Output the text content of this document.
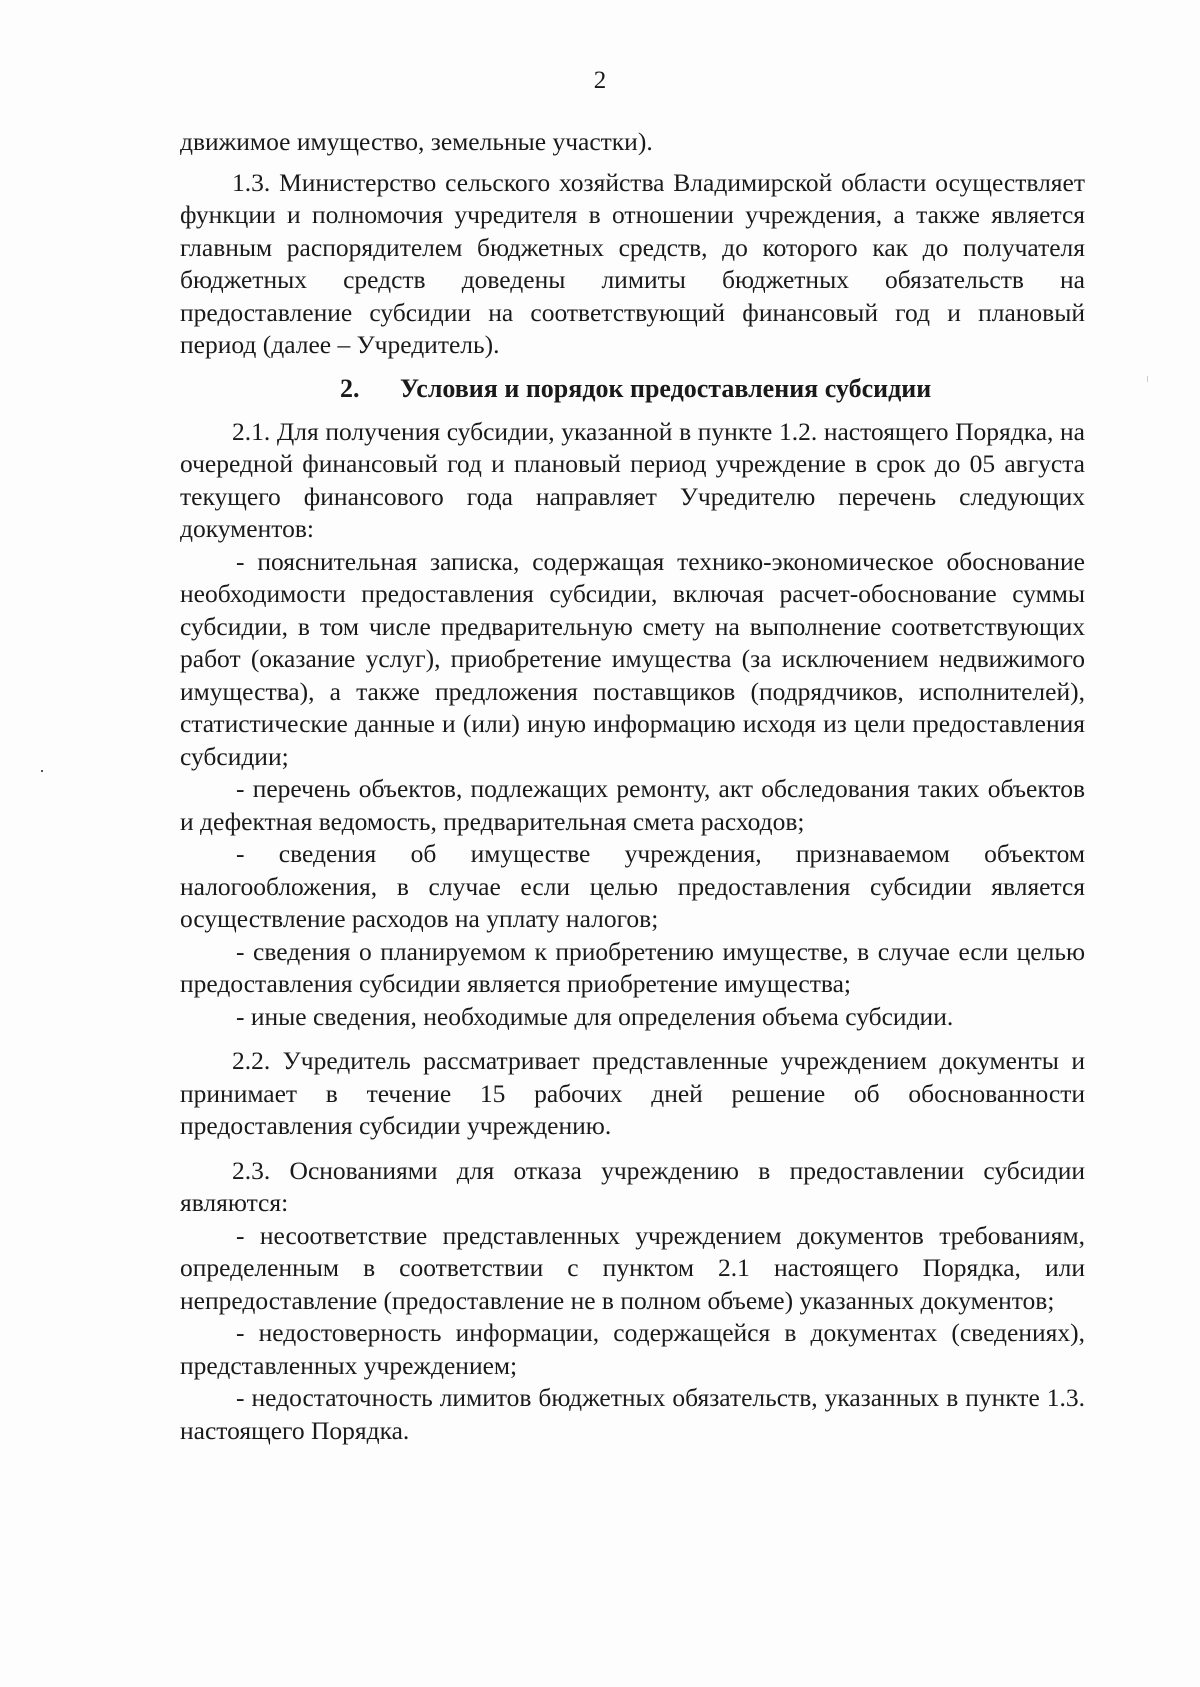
2

движимое имущество, земельные участки).

1.3. Министерство сельского хозяйства Владимирской области осуществляет функции и полномочия учредителя в отношении учреждения, а также является главным распорядителем бюджетных средств, до которого как до получателя бюджетных средств доведены лимиты бюджетных обязательств на предоставление субсидии на соответствующий финансовый год и плановый период (далее – Учредитель).

2. Условия и порядок предоставления субсидии

2.1. Для получения субсидии, указанной в пункте 1.2. настоящего Порядка, на очередной финансовый год и плановый период учреждение в срок до 05 августа текущего финансового года направляет Учредителю перечень следующих документов:

- пояснительная записка, содержащая технико-экономическое обоснование необходимости предоставления субсидии, включая расчет-обоснование суммы субсидии, в том числе предварительную смету на выполнение соответствующих работ (оказание услуг), приобретение имущества (за исключением недвижимого имущества), а также предложения поставщиков (подрядчиков, исполнителей), статистические данные и (или) иную информацию исходя из цели предоставления субсидии;

- перечень объектов, подлежащих ремонту, акт обследования таких объектов и дефектная ведомость, предварительная смета расходов;

- сведения об имуществе учреждения, признаваемом объектом налогообложения, в случае если целью предоставления субсидии является осуществление расходов на уплату налогов;

- сведения о планируемом к приобретению имуществе, в случае если целью предоставления субсидии является приобретение имущества;

- иные сведения, необходимые для определения объема субсидии.

2.2. Учредитель рассматривает представленные учреждением документы и принимает в течение 15 рабочих дней решение об обоснованности предоставления субсидии учреждению.

2.3. Основаниями для отказа учреждению в предоставлении субсидии являются:

- несоответствие представленных учреждением документов требованиям, определенным в соответствии с пунктом 2.1 настоящего Порядка, или непредоставление (предоставление не в полном объеме) указанных документов;

- недостоверность информации, содержащейся в документах (сведениях), представленных учреждением;

- недостаточность лимитов бюджетных обязательств, указанных в пункте 1.3. настоящего Порядка.
